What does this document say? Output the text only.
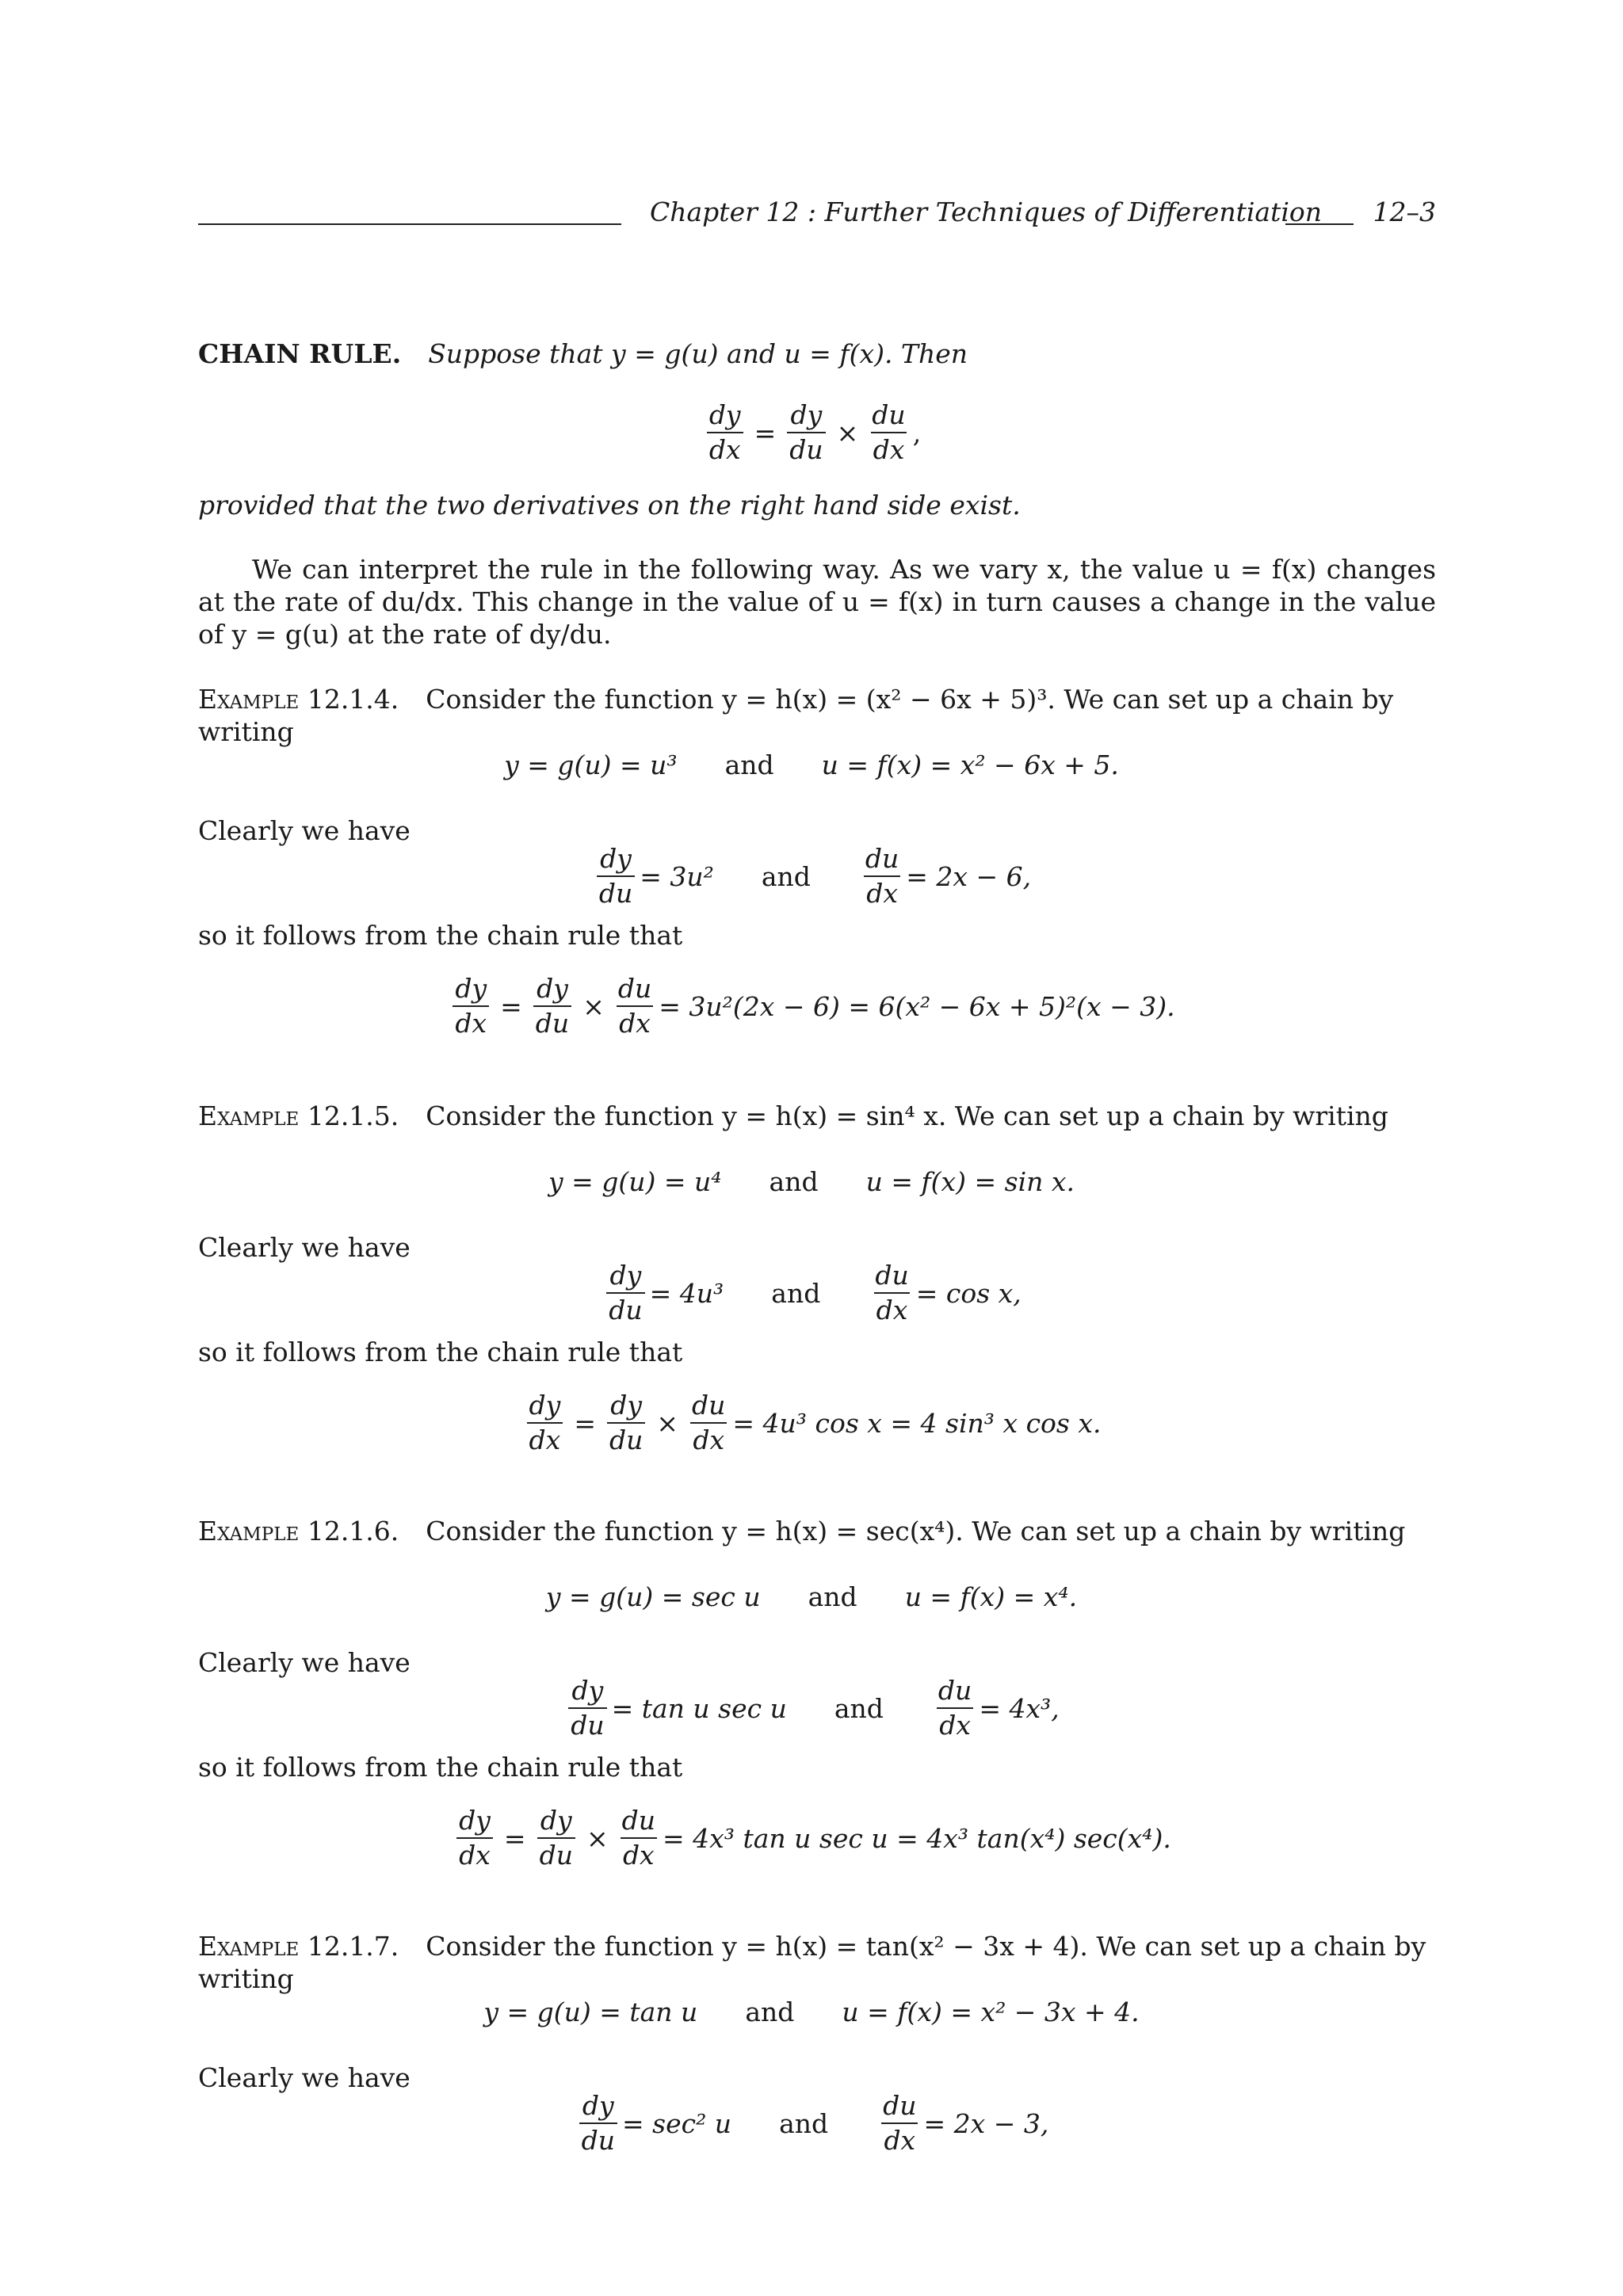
Chapter 12 : Further Techniques of Differentiation 12–3
CHAIN RULE. Suppose that y = g(u) and u = f(x). Then
$\frac{dy}{dx} = \frac{dy}{du} \times \frac{du}{dx}$ ,
provided that the two derivatives on the right hand side exist.
We can interpret the rule in the following way. As we vary x, the value u = f(x) changes at the rate of du/dx. This change in the value of u = f(x) in turn causes a change in the value of y = g(u) at the rate of dy/du.
Example 12.1.4. Consider the function y = h(x) = (x² − 6x + 5)³. We can set up a chain by writing
y = g(u) = u³ and u = f(x) = x² − 6x + 5.
Clearly we have
$\frac{dy}{du} = 3u^2$ and $\frac{du}{dx} = 2x - 6$,
so it follows from the chain rule that
$\frac{dy}{dx} = \frac{dy}{du} \times \frac{du}{dx} = 3u^2(2x - 6) = 6(x^2 - 6x + 5)^2(x - 3)$.
Example 12.1.5. Consider the function y = h(x) = sin⁴ x. We can set up a chain by writing
y = g(u) = u⁴ and u = f(x) = sin x.
Clearly we have
$\frac{dy}{du} = 4u^3$ and $\frac{du}{dx} = \cos x$,
so it follows from the chain rule that
$\frac{dy}{dx} = \frac{dy}{du} \times \frac{du}{dx} = 4u^3$ cos x = 4 sin³ x cos x.
Example 12.1.6. Consider the function y = h(x) = sec(x⁴). We can set up a chain by writing
y = g(u) = sec u and u = f(x) = x⁴.
Clearly we have
$\frac{dy}{du} = \tan u$ sec u and $\frac{du}{dx} = 4x^3$,
so it follows from the chain rule that
$\frac{dy}{dx} = \frac{dy}{du} \times \frac{du}{dx} = 4x^3$ tan u sec u = 4x³ tan(x⁴) sec(x⁴).
Example 12.1.7. Consider the function y = h(x) = tan(x² − 3x + 4). We can set up a chain by writing
y = g(u) = tan u and u = f(x) = x² − 3x + 4.
Clearly we have
$\frac{dy}{du} = \sec^2$ u and $\frac{du}{dx} = 2x - 3$,
